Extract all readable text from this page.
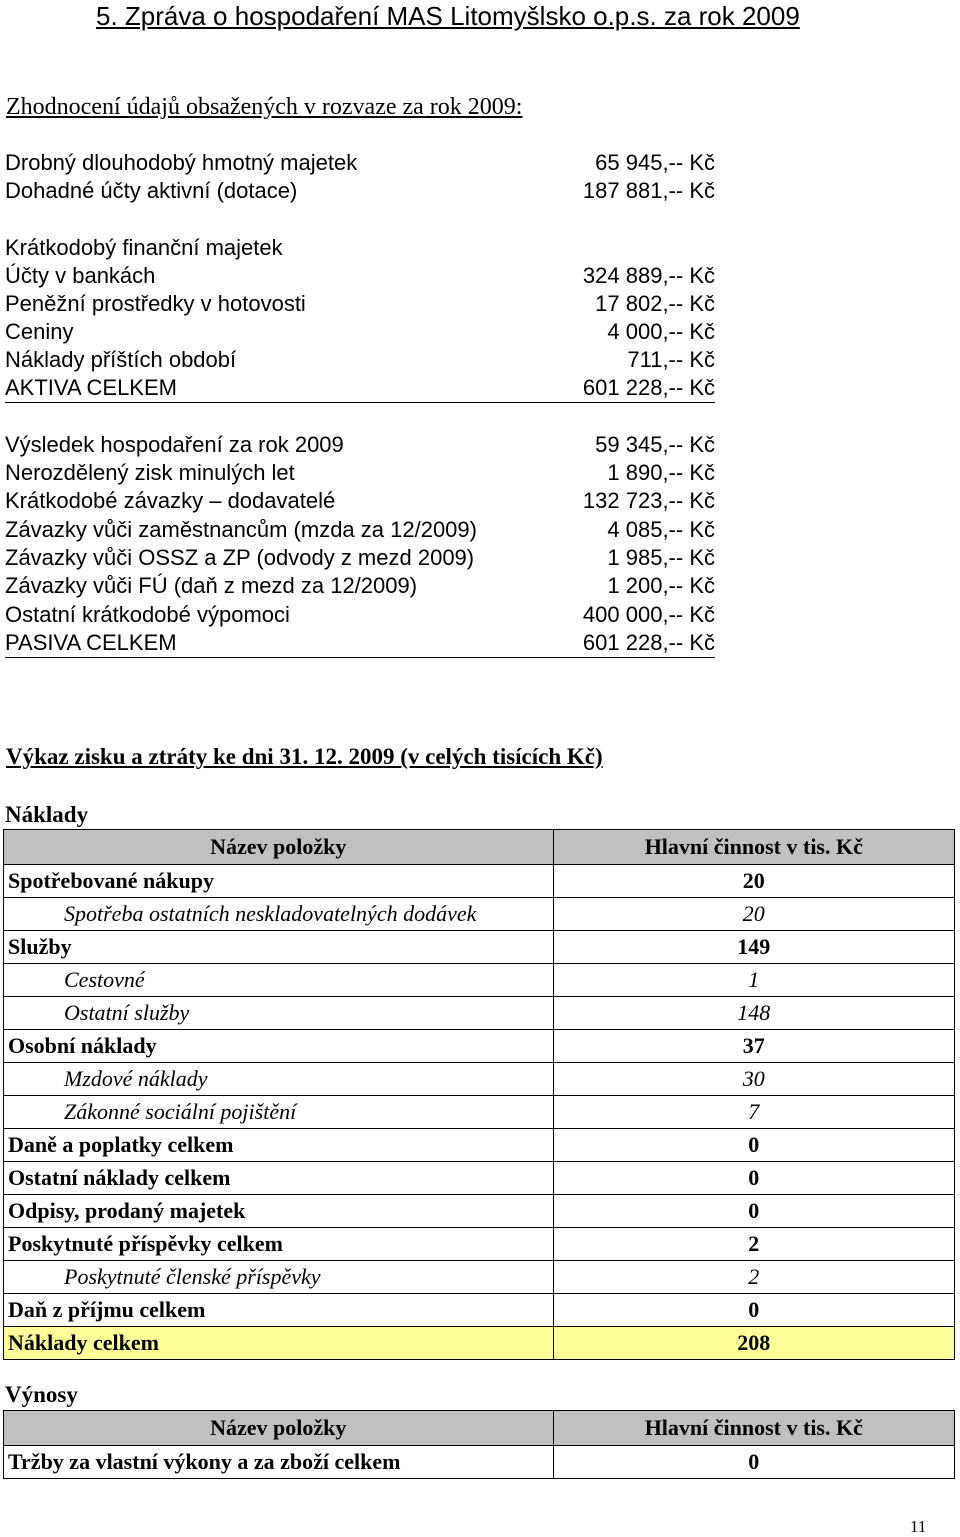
5. Zpráva o hospodaření MAS Litomyšlsko o.p.s. za rok 2009
Zhodnocení údajů obsažených v rozvaze za rok 2009:
Drobný dlouhodobý hmotný majetek	65 945,-- Kč
Dohadné účty aktivní (dotace)	187 881,-- Kč
Krátkodobý finanční majetek
Účty v bankách	324 889,-- Kč
Peněžní prostředky v hotovosti	17 802,-- Kč
Ceniny	4 000,-- Kč
Náklady příštích období	711,-- Kč
AKTIVA CELKEM	601 228,-- Kč
Výsledek hospodaření za rok 2009	59 345,-- Kč
Nerozdělený zisk minulých let	1 890,-- Kč
Krátkodobé závazky – dodavatelé	132 723,-- Kč
Závazky vůči zaměstnancům (mzda za 12/2009)	4 085,-- Kč
Závazky vůči OSSZ a ZP (odvody z mezd 2009)	1 985,-- Kč
Závazky vůči FÚ (daň z mezd za 12/2009)	1 200,-- Kč
Ostatní krátkodobé výpomoci	400 000,-- Kč
PASIVA CELKEM	601 228,-- Kč
Výkaz zisku a ztráty ke dni 31. 12. 2009 (v celých tisících Kč)
Náklady
Název položky	Hlavní činnost v tis. Kč
Spotřebované nákupy	20
Spotřeba ostatních neskladovatelných dodávek	20
Služby	149
Cestovné	1
Ostatní služby	148
Osobní náklady	37
Mzdové náklady	30
Zákonné sociální pojištění	7
Daně a poplatky celkem	0
Ostatní náklady celkem	0
Odpisy, prodaný majetek	0
Poskytnuté příspěvky celkem	2
Poskytnuté členské příspěvky	2
Daň z příjmu celkem	0
Náklady celkem	208
Výnosy
Název položky	Hlavní činnost v tis. Kč
Tržby za vlastní výkony a za zboží celkem	0
11
